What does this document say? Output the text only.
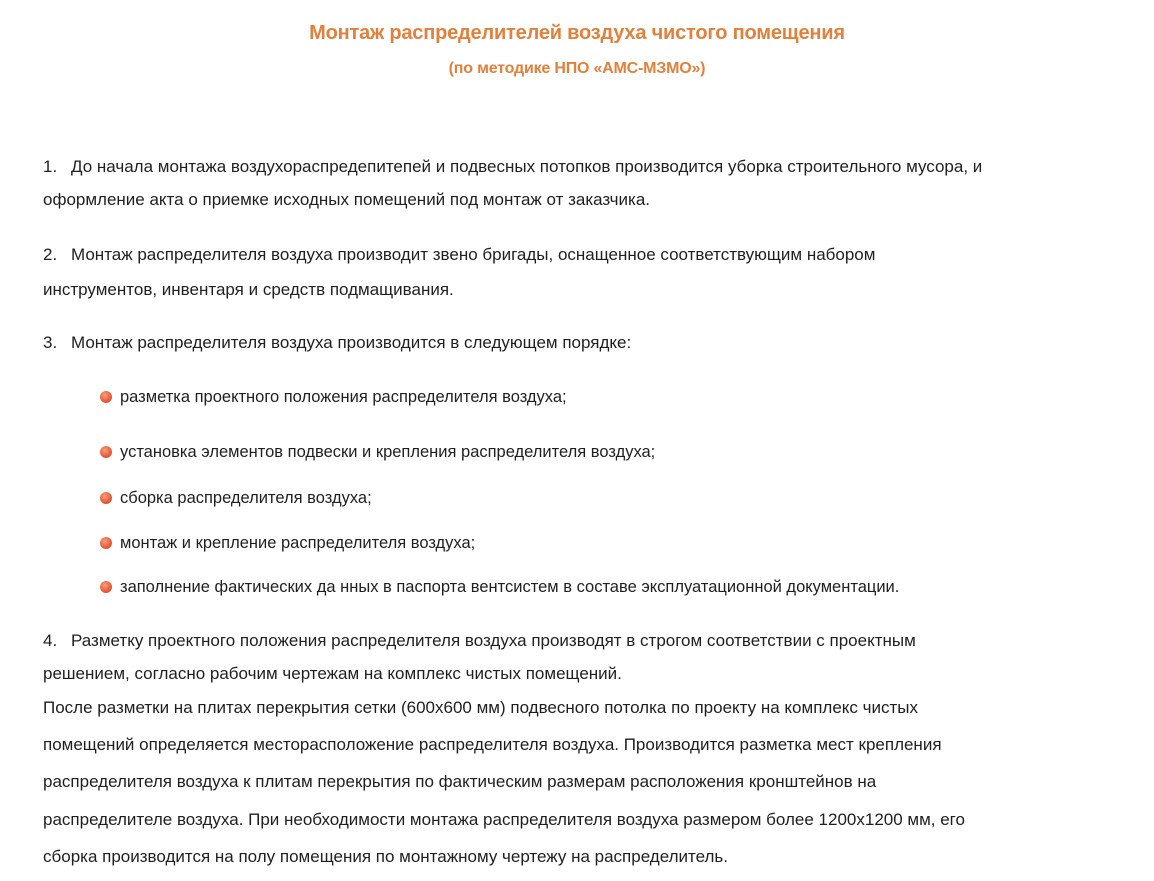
Монтаж распределителей воздуха чистого помещения
(по методике НПО «АМС-МЗМО»)
1. До начала монтажа воздухораспредепитепей и подвесных потопков производится уборка строительного мусора, и
оформление акта о приемке исходных помещений под монтаж от заказчика.
2. Монтаж распределителя воздуха производит звено бригады, оснащенное соответствующим набором
инструментов, инвентаря и средств подмащивания.
3. Монтаж распределителя воздуха производится в следующем порядке:
разметка проектного положения распределителя воздуха;
установка элементов подвески и крепления распределителя воздуха;
сборка распределителя воздуха;
монтаж и крепление распределителя воздуха;
заполнение фактических да нных в паспорта вентсистем в составе эксплуатационной документации.
4. Разметку проектного положения распределителя воздуха производят в строгом соответствии с проектным
решением, согласно рабочим чертежам на комплекс чистых помещений.
После разметки на плитах перекрытия сетки (600х600 мм) подвесного потолка по проекту на комплекс чистых
помещений определяется месторасположение распределителя воздуха. Производится разметка мест крепления
распределителя воздуха к плитам перекрытия по фактическим размерам расположения кронштейнов на
распределителе воздуха. При необходимости монтажа распределителя воздуха размером более 1200х1200 мм, его
сборка производится на полу помещения по монтажному чертежу на распределитель.
